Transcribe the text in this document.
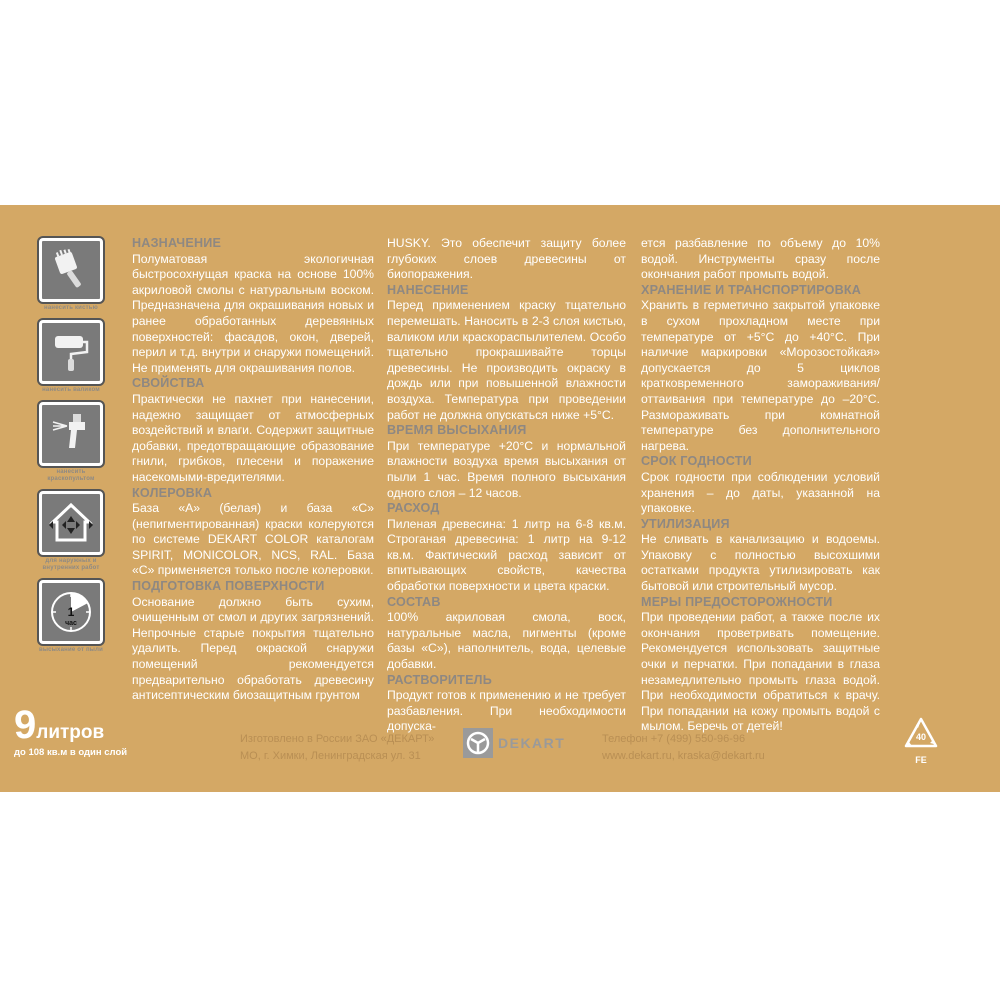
нанесить кистью
нанесить валиком
нанесить краскопультом
для наружных и внутренних работ
1
час
высыхание от пыли
НАЗНАЧЕНИЕ

Полуматовая экологичная быстросохнущая краска на основе 100% акриловой смолы с натуральным воском. Предназначена для окрашивания новых и ранее обработанных деревянных поверхностей: фасадов, окон, дверей, перил и т.д. внутри и снаружи помещений. Не применять для окрашивания полов.

СВОЙСТВА

Практически не пахнет при нанесении, надежно защищает от атмосферных воздействий и влаги. Содержит защитные добавки, предотвращающие образование гнили, грибков, плесени и поражение насекомыми-вредителями.

КОЛЕРОВКА

База «А» (белая) и база «С» (непигментированная) краски колеруются по системе DEKART COLOR каталогам SPIRIT, MONICOLOR, NCS, RAL. База «С» применяется только после колеровки.

ПОДГОТОВКА ПОВЕРХНОСТИ

Основание должно быть сухим, очищенным от смол и других загрязнений. Непрочные старые покрытия тщательно удалить. Перед окраской снаружи помещений рекомендуется предварительно обработать древесину антисептическим биозащитным грунтом

HUSKY. Это обеспечит защиту более глубоких слоев древесины от биопоражения.

НАНЕСЕНИЕ

Перед применением краску тщательно перемешать. Наносить в 2-3 слоя кистью, валиком или краскораспылителем. Особо тщательно прокрашивайте торцы древесины. Не производить окраску в дождь или при повышенной влажности воздуха. Температура при проведении работ не должна опускаться ниже +5°С.

ВРЕМЯ ВЫСЫХАНИЯ

При температуре +20°С и нормальной влажности воздуха время высыхания от пыли 1 час. Время полного высыхания одного слоя – 12 часов.

РАСХОД

Пиленая древесина: 1 литр на 6-8 кв.м. Строганая древесина: 1 литр на 9-12 кв.м. Фактический расход зависит от впитывающих свойств, качества обработки поверхности и цвета краски.

СОСТАВ

100% акриловая смола, воск, натуральные масла, пигменты (кроме базы «С»), наполнитель, вода, целевые добавки.

РАСТВОРИТЕЛЬ

Продукт готов к применению и не требует разбавления. При необходимости допуска-

ется разбавление по объему до 10% водой. Инструменты сразу после окончания работ промыть водой.

ХРАНЕНИЕ И ТРАНСПОРТИРОВКА

Хранить в герметично закрытой упаковке в сухом прохладном месте при температуре от +5°С до +40°С. При наличие маркировки «Морозостойкая» допускается до 5 циклов кратковременного замораживания/оттаивания при температуре до –20°С. Размораживать при комнатной температуре без дополнительного нагрева.

СРОК ГОДНОСТИ

Срок годности при соблюдении условий хранения – до даты, указанной на упаковке.

УТИЛИЗАЦИЯ

Не сливать в канализацию и водоемы. Упаковку с полностью высохшими остатками продукта утилизировать как бытовой или строительный мусор.

МЕРЫ ПРЕДОСТОРОЖНОСТИ

При проведении работ, а также после их окончания проветривать помещение. Рекомендуется использовать защитные очки и перчатки. При попадании в глаза незамедлительно промыть глаза водой. При необходимости обратиться к врачу. При попадании на кожу промыть водой с мылом. Беречь от детей!

9литров
до 108 кв.м в один слой
Изготовлено в России ЗАО «ДЕКАРТ»
МО, г. Химки, Ленинградская ул. 31
DEKART	Телефон +7 (499) 550-96-96
www.dekart.ru, kraska@dekart.ru
40
FE
